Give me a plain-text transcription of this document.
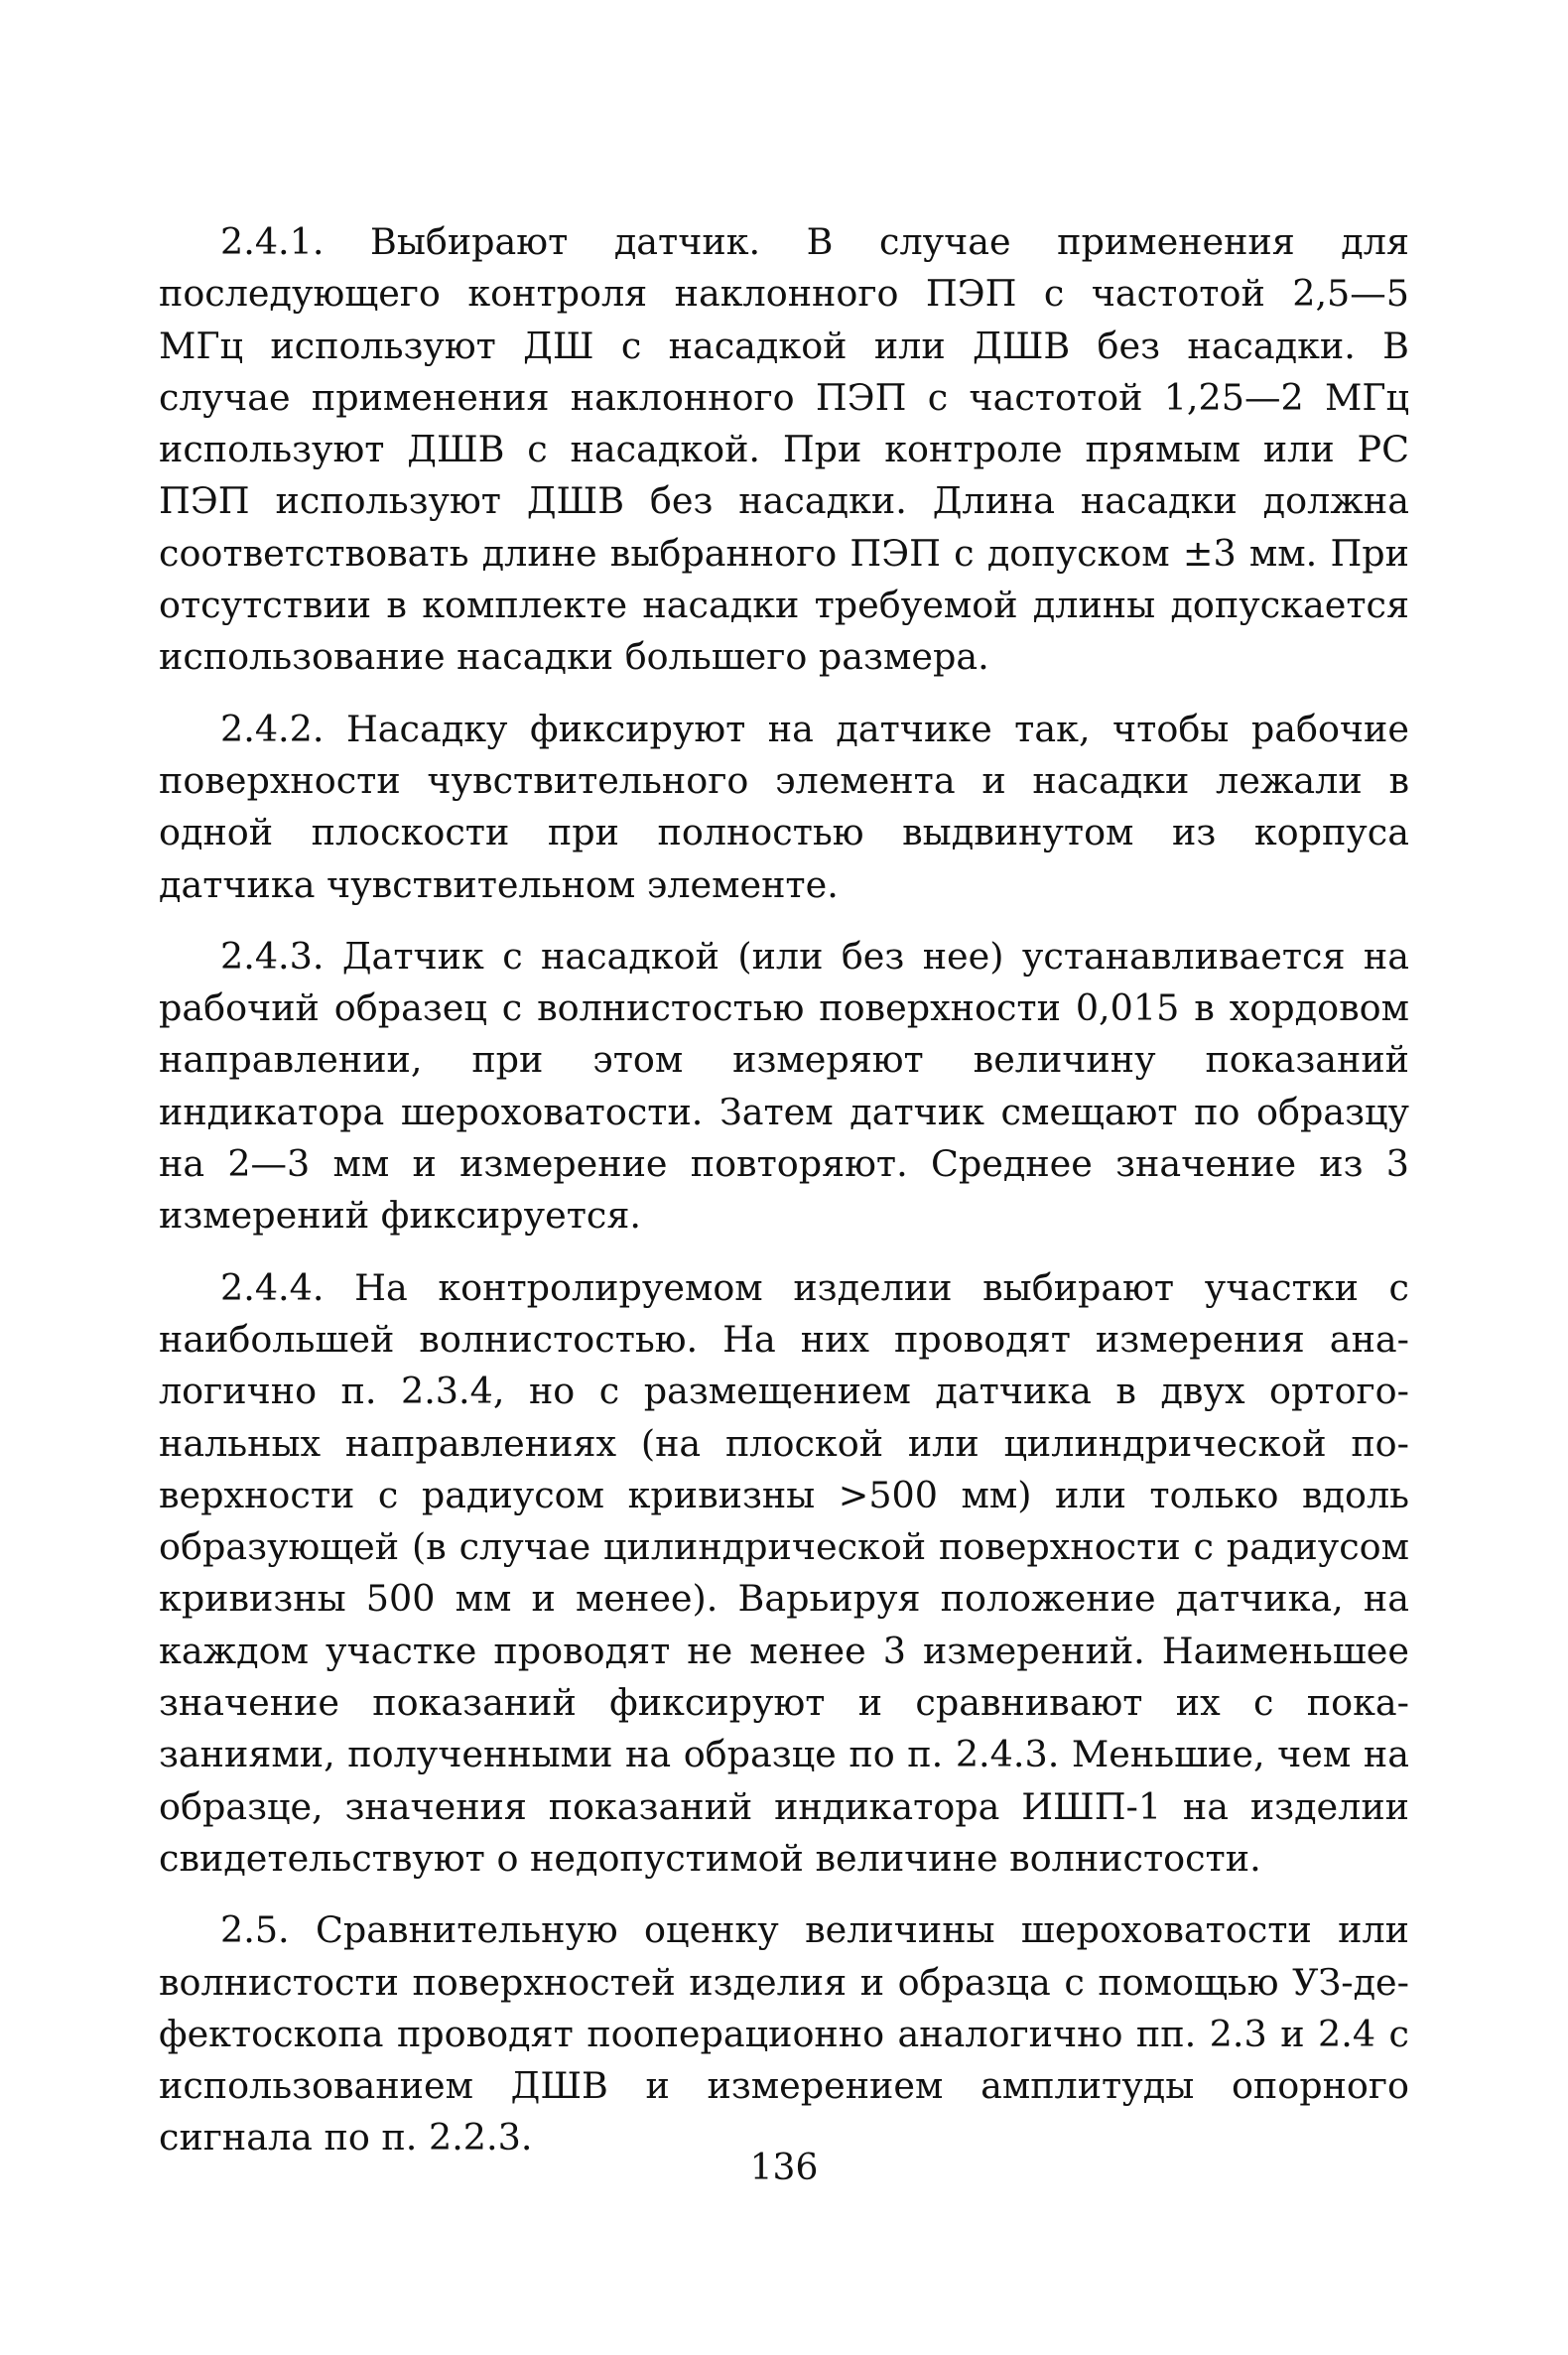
2.4.1. Выбирают датчик. В случае применения для последующего контроля наклонного ПЭП с частотой 2,5—5 МГц используют ДШ с насадкой или ДШВ без насадки. В случае применения наклонного ПЭП с частотой 1,25—2 МГц используют ДШВ с насадкой. При контроле прямым или РС ПЭП используют ДШВ без насадки. Длина насадки должна соответствовать длине выбранного ПЭП с допуском ±3 мм. При отсутствии в комплекте насадки требуемой длины допускается использование насадки большего размера.

2.4.2. Насадку фиксируют на датчике так, чтобы рабочие поверхности чувствительного элемента и насадки лежали в одной плоскости при полностью выдвинутом из корпуса датчика чувствительном элементе.

2.4.3. Датчик с насадкой (или без нее) устанавливается на рабочий образец с волнистостью поверхности 0,015 в хордовом направлении, при этом измеряют величину показаний индикатора шероховатости. Затем датчик смещают по образцу на 2—3 мм и измерение повторяют. Среднее значение из 3 измерений фиксируется.

2.4.4. На контролируемом изделии выбирают участки с наибольшей волнистостью. На них проводят измерения аналогично п. 2.3.4, но с размещением датчика в двух ортогональных направлениях (на плоской или цилиндрической поверхности с радиусом кривизны >500 мм) или только вдоль образующей (в случае цилиндрической поверхности с радиусом кривизны 500 мм и менее). Варьируя положение датчика, на каждом участке проводят не менее 3 измерений. Наименьшее значение показаний фиксируют и сравнивают их с показаниями, полученными на образце по п. 2.4.3. Меньшие, чем на образце, значения показаний индикатора ИШП-1 на изделии свидетельствуют о недопустимой величине волнистости.

2.5. Сравнительную оценку величины шероховатости или волнистости поверхностей изделия и образца с помощью УЗ-дефектоскопа проводят пооперационно аналогично пп. 2.3 и 2.4 с использованием ДШВ и измерением амплитуды опорного сигнала по п. 2.2.3.

136
